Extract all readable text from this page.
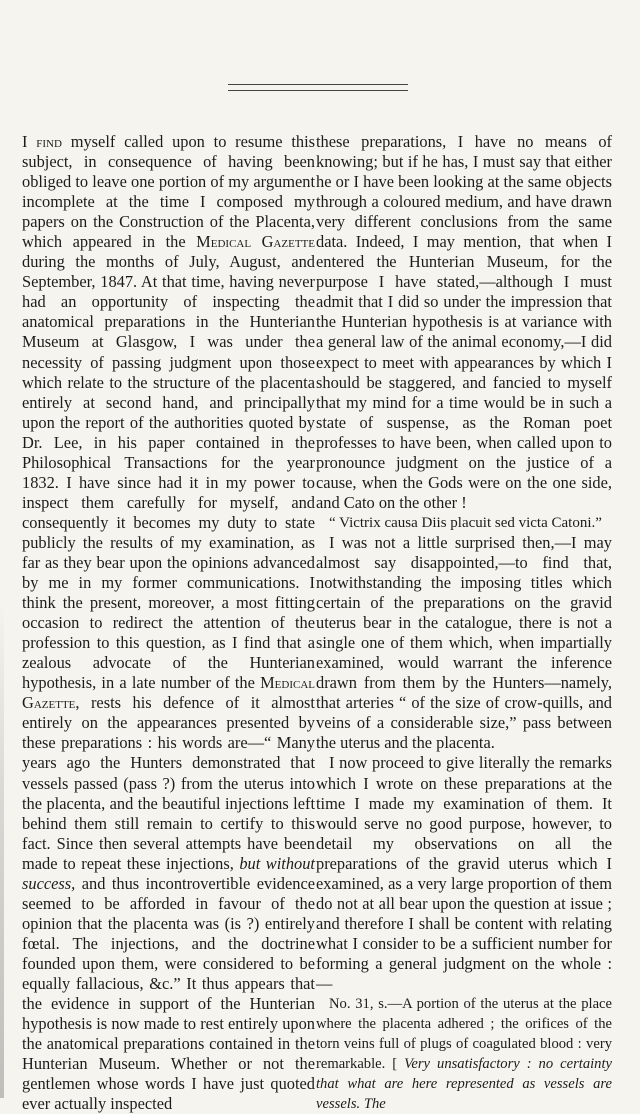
I find myself called upon to resume this subject, in consequence of having been obliged to leave one portion of my argument incomplete at the time I composed my papers on the Construction of the Placenta, which appeared in the Medical Gazette during the months of July, August, and September, 1847. At that time, having never had an opportunity of inspecting the anatomical preparations in the Hunterian Museum at Glasgow, I was under the necessity of passing judgment upon those which relate to the structure of the placenta entirely at second hand, and principally upon the report of the authorities quoted by Dr. Lee, in his paper contained in the Philosophical Transactions for the year 1832. I have since had it in my power to inspect them carefully for myself, and consequently it becomes my duty to state publicly the results of my examination, as far as they bear upon the opinions advanced by me in my former communications. I think the present, moreover, a most fitting occasion to redirect the attention of the profession to this question, as I find that a zealous advocate of the Hunterian hypothesis, in a late number of the Medical Gazette, rests his defence of it almost entirely on the appearances presented by these preparations : his words are—“ Many years ago the Hunters demonstrated that vessels passed (pass ?) from the uterus into the placenta, and the beautiful injections left behind them still remain to certify to this fact. Since then several attempts have been made to repeat these injections, but without success, and thus incontrovertible evidence seemed to be afforded in favour of the opinion that the placenta was (is ?) entirely fœtal. The injections, and the doctrine founded upon them, were considered to be equally fallacious, &c.” It thus appears that the evidence in support of the Hunterian hypothesis is now made to rest entirely upon the anatomical preparations contained in the Hunterian Museum. Whether or not the gentlemen whose words I have just quoted ever actually inspected

these preparations, I have no means of knowing; but if he has, I must say that either he or I have been looking at the same objects through a coloured medium, and have drawn very different conclusions from the same data. Indeed, I may mention, that when I entered the Hunterian Museum, for the purpose I have stated,—although I must admit that I did so under the impression that the Hunterian hypothesis is at variance with a general law of the animal economy,—I did expect to meet with appearances by which I should be staggered, and fancied to myself that my mind for a time would be in such a state of suspense, as the Roman poet professes to have been, when called upon to pronounce judgment on the justice of a cause, when the Gods were on the one side, and Cato on the other !

“ Victrix causa Diis placuit sed victa Catoni.”

I was not a little surprised then,—I may almost say disappointed,—to find that, notwithstanding the imposing titles which certain of the preparations on the gravid uterus bear in the catalogue, there is not a single one of them which, when impartially examined, would warrant the inference drawn from them by the Hunters—namely, that arteries “ of the size of crow-quills, and veins of a considerable size,” pass between the uterus and the placenta.

I now proceed to give literally the remarks which I wrote on these preparations at the time I made my examination of them. It would serve no good purpose, however, to detail my observations on all the preparations of the gravid uterus which I examined, as a very large proportion of them do not at all bear upon the question at issue ; and therefore I shall be content with relating what I consider to be a sufficient number for forming a general judgment on the whole :—

No. 31, s.—A portion of the uterus at the place where the placenta adhered ; the orifices of the torn veins full of plugs of coagulated blood : very remarkable. [ Very unsatisfactory : no certainty that what are here represented as vessels are vessels. The
